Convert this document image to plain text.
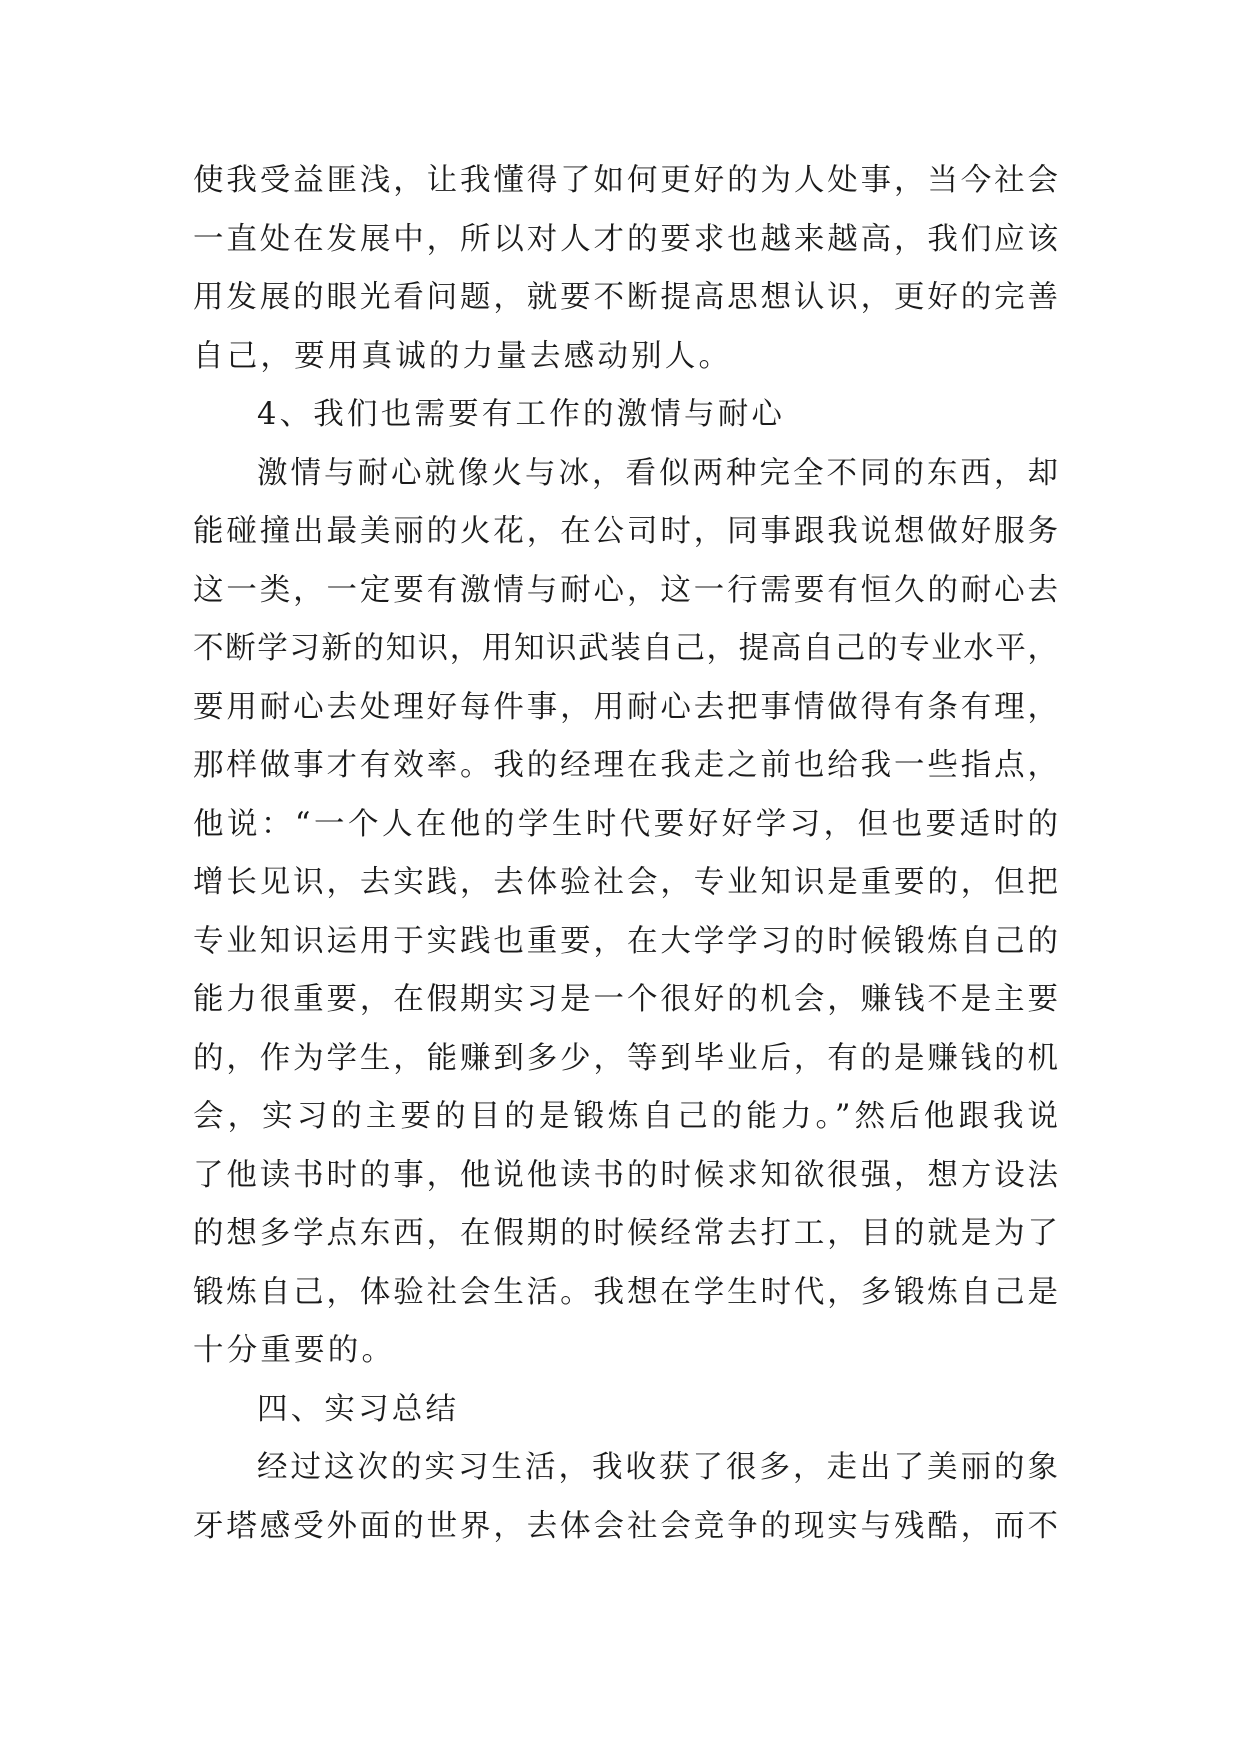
使我受益匪浅，让我懂得了如何更好的为人处事，当今社会
一直处在发展中，所以对人才的要求也越来越高，我们应该
用发展的眼光看问题，就要不断提高思想认识，更好的完善
自己，要用真诚的力量去感动别人。
4、我们也需要有工作的激情与耐心
激情与耐心就像火与冰，看似两种完全不同的东西，却
能碰撞出最美丽的火花，在公司时，同事跟我说想做好服务
这一类，一定要有激情与耐心，这一行需要有恒久的耐心去
不断学习新的知识，用知识武装自己，提高自己的专业水平，
要用耐心去处理好每件事，用耐心去把事情做得有条有理，
那样做事才有效率。我的经理在我走之前也给我一些指点，
他说：“一个人在他的学生时代要好好学习，但也要适时的
增长见识，去实践，去体验社会，专业知识是重要的，但把
专业知识运用于实践也重要，在大学学习的时候锻炼自己的
能力很重要，在假期实习是一个很好的机会，赚钱不是主要
的，作为学生，能赚到多少，等到毕业后，有的是赚钱的机
会，实习的主要的目的是锻炼自己的能力。”然后他跟我说
了他读书时的事，他说他读书的时候求知欲很强，想方设法
的想多学点东西，在假期的时候经常去打工，目的就是为了
锻炼自己，体验社会生活。我想在学生时代，多锻炼自己是
十分重要的。
四、实习总结
经过这次的实习生活，我收获了很多，走出了美丽的象
牙塔感受外面的世界，去体会社会竞争的现实与残酷，而不
